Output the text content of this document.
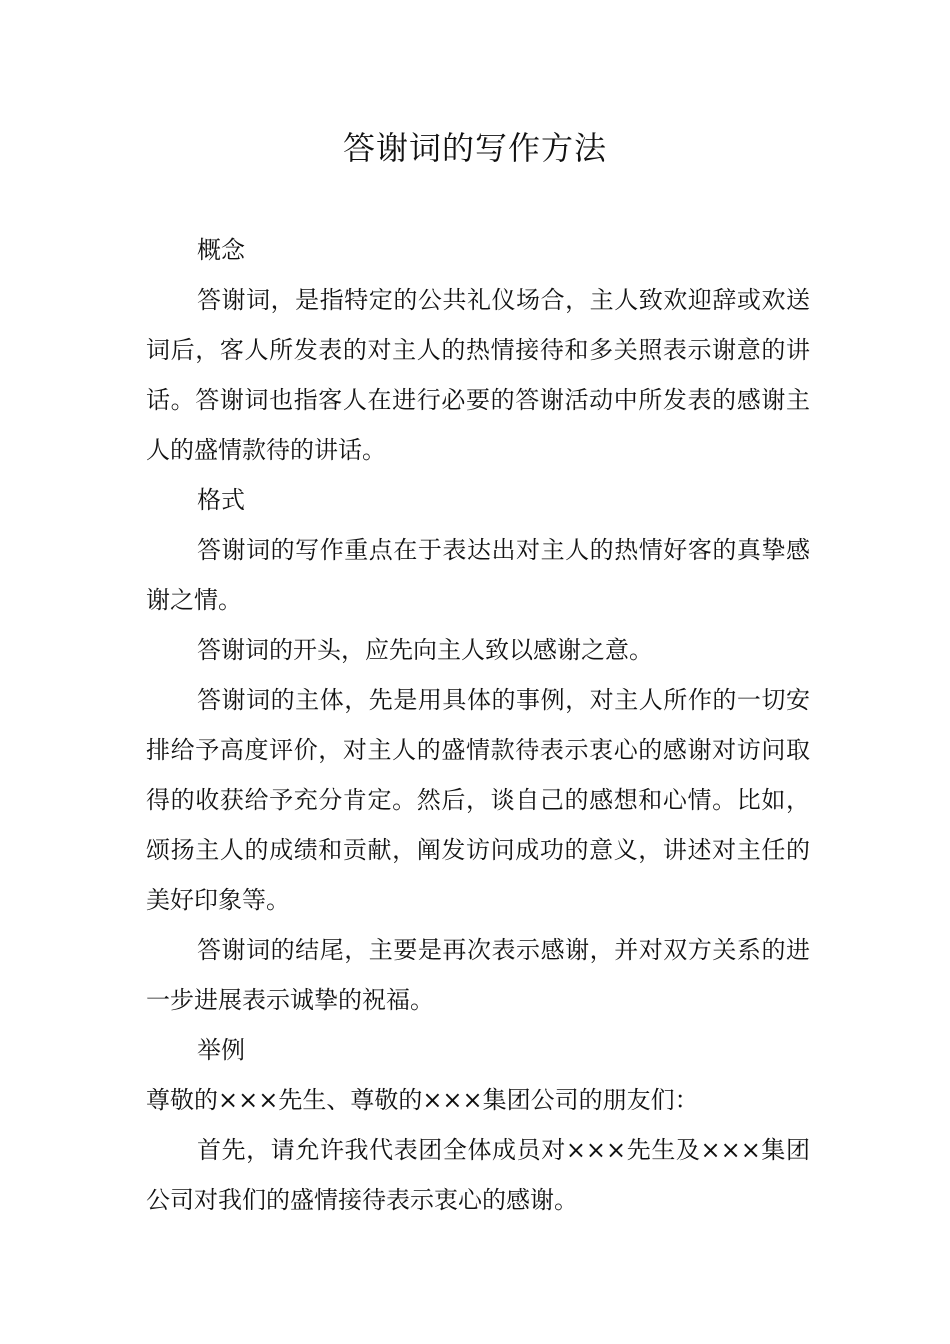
答谢词的写作方法

概念

答谢词，是指特定的公共礼仪场合，主人致欢迎辞或欢送词后，客人所发表的对主人的热情接待和多关照表示谢意的讲话。答谢词也指客人在进行必要的答谢活动中所发表的感谢主人的盛情款待的讲话。

格式

答谢词的写作重点在于表达出对主人的热情好客的真挚感谢之情。

答谢词的开头，应先向主人致以感谢之意。

答谢词的主体，先是用具体的事例，对主人所作的一切安排给予高度评价，对主人的盛情款待表示衷心的感谢对访问取得的收获给予充分肯定。然后，谈自己的感想和心情。比如，颂扬主人的成绩和贡献，阐发访问成功的意义，讲述对主任的美好印象等。

答谢词的结尾，主要是再次表示感谢，并对双方关系的进一步进展表示诚挚的祝福。

举例

尊敬的×××先生、尊敬的×××集团公司的朋友们：

首先，请允许我代表团全体成员对×××先生及×××集团公司对我们的盛情接待表示衷心的感谢。
